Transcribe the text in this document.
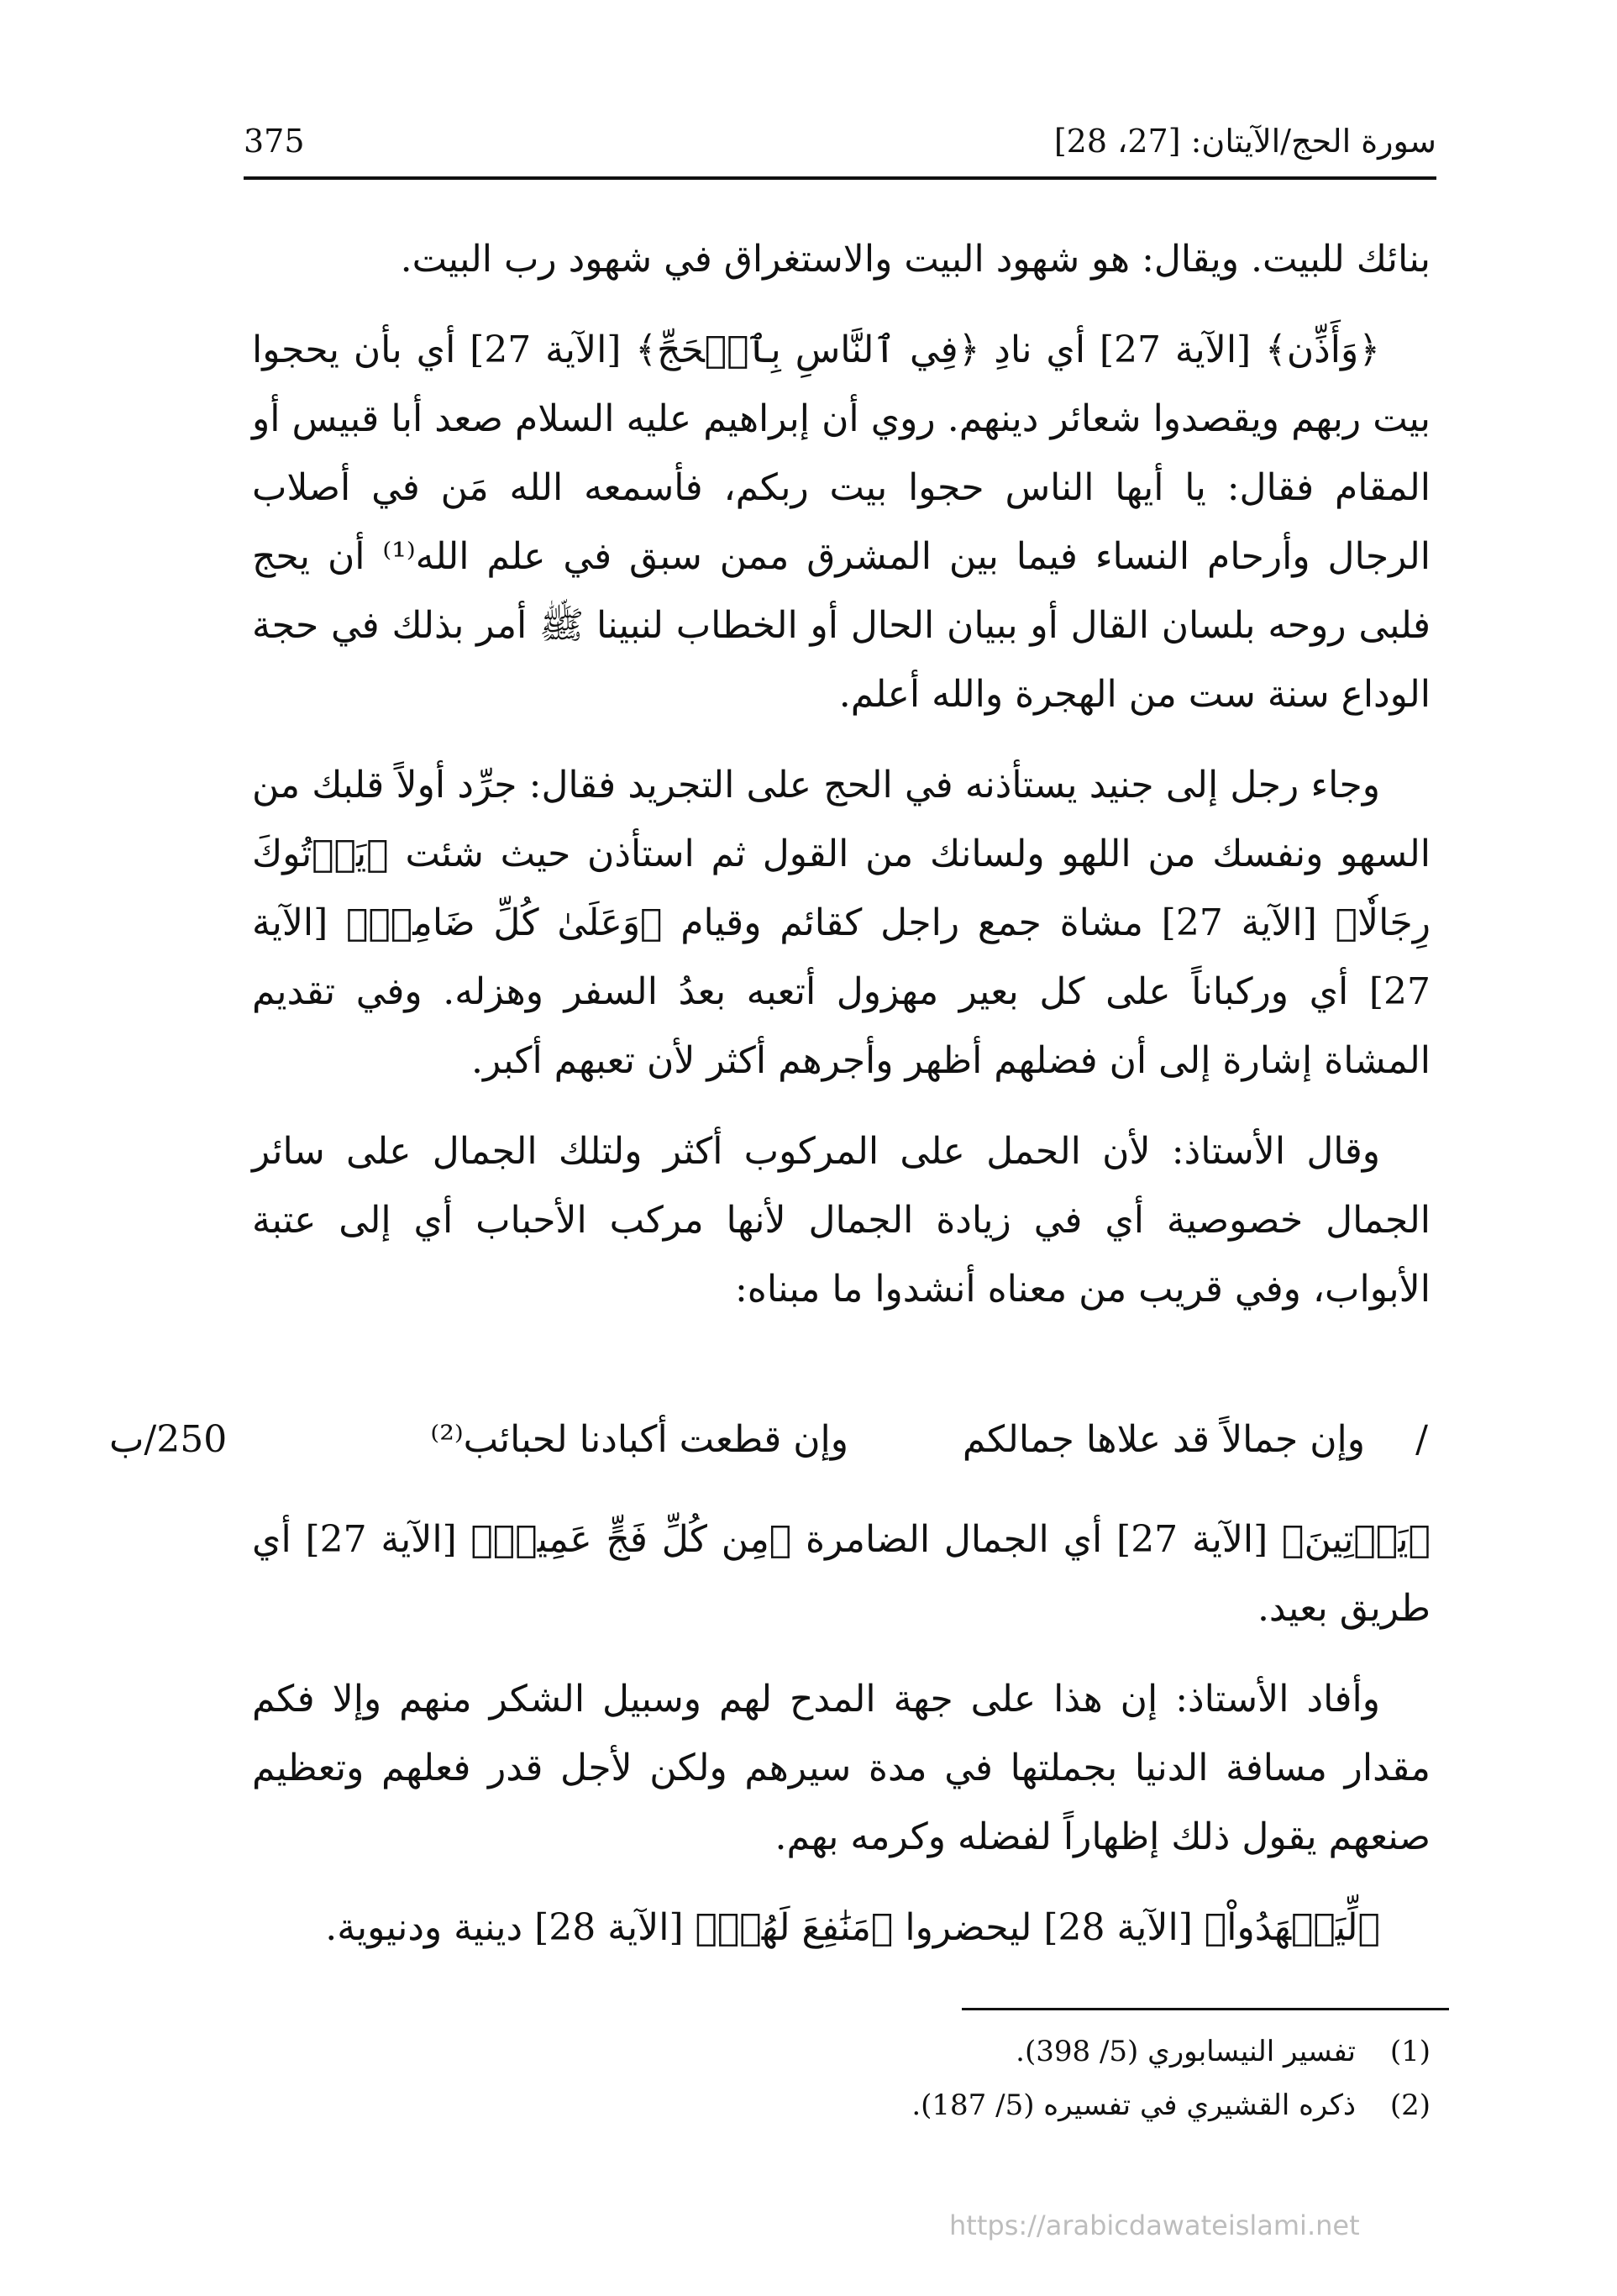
سورة الحج/الآيتان: [27، 28]
375

بنائك للبيت. ويقال: هو شهود البيت والاستغراق في شهود رب البيت.

﴿وَأَذِّن﴾ [الآية 27] أي نادِ ﴿فِي ٱلنَّاسِ بِٱلۡحَجِّ﴾ [الآية 27] أي بأن يحجوا بيت ربهم ويقصدوا شعائر دينهم. روي أن إبراهيم عليه السلام صعد أبا قبيس أو المقام فقال: يا أيها الناس حجوا بيت ربكم، فأسمعه الله مَن في أصلاب الرجال وأرحام النساء فيما بين المشرق ممن سبق في علم الله⁽¹⁾ أن يحج فلبى روحه بلسان القال أو ببيان الحال أو الخطاب لنبينا ﷺ أمر بذلك في حجة الوداع سنة ست من الهجرة والله أعلم.

وجاء رجل إلى جنيد يستأذنه في الحج على التجريد فقال: جرِّد أولاً قلبك من السهو ونفسك من اللهو ولسانك من القول ثم استأذن حيث شئت ﴿يَأۡتُوكَ رِجَالٗا﴾ [الآية 27] مشاة جمع راجل كقائم وقيام ﴿وَعَلَىٰ كُلِّ ضَامِرٖ﴾ [الآية 27] أي وركباناً على كل بعير مهزول أتعبه بعدُ السفر وهزله. وفي تقديم المشاة إشارة إلى أن فضلهم أظهر وأجرهم أكثر لأن تعبهم أكبر.

وقال الأستاذ: لأن الحمل على المركوب أكثر ولتلك الجمال على سائر الجمال خصوصية أي في زيادة الجمال لأنها مركب الأحباب أي إلى عتبة الأبواب، وفي قريب من معناه أنشدوا ما مبناه:

/
وإن جمالاً قد علاها جمالكم
وإن قطعت أكبادنا لحبائب⁽²⁾
250/ب

﴿يَأۡتِينَ﴾ [الآية 27] أي الجمال الضامرة ﴿مِن كُلِّ فَجٍّ عَمِيقٖ﴾ [الآية 27] أي طريق بعيد.

وأفاد الأستاذ: إن هذا على جهة المدح لهم وسبيل الشكر منهم وإلا فكم مقدار مسافة الدنيا بجملتها في مدة سيرهم ولكن لأجل قدر فعلهم وتعظيم صنعهم يقول ذلك إظهاراً لفضله وكرمه بهم.

﴿لِّيَشۡهَدُواْ﴾ [الآية 28] ليحضروا ﴿مَنَٰفِعَ لَهُمۡ﴾ [الآية 28] دينية ودنيوية.

(1) تفسير النيسابوري (5/ 398).
(2) ذكره القشيري في تفسيره (5/ 187).
https://arabicdawateislami.net
